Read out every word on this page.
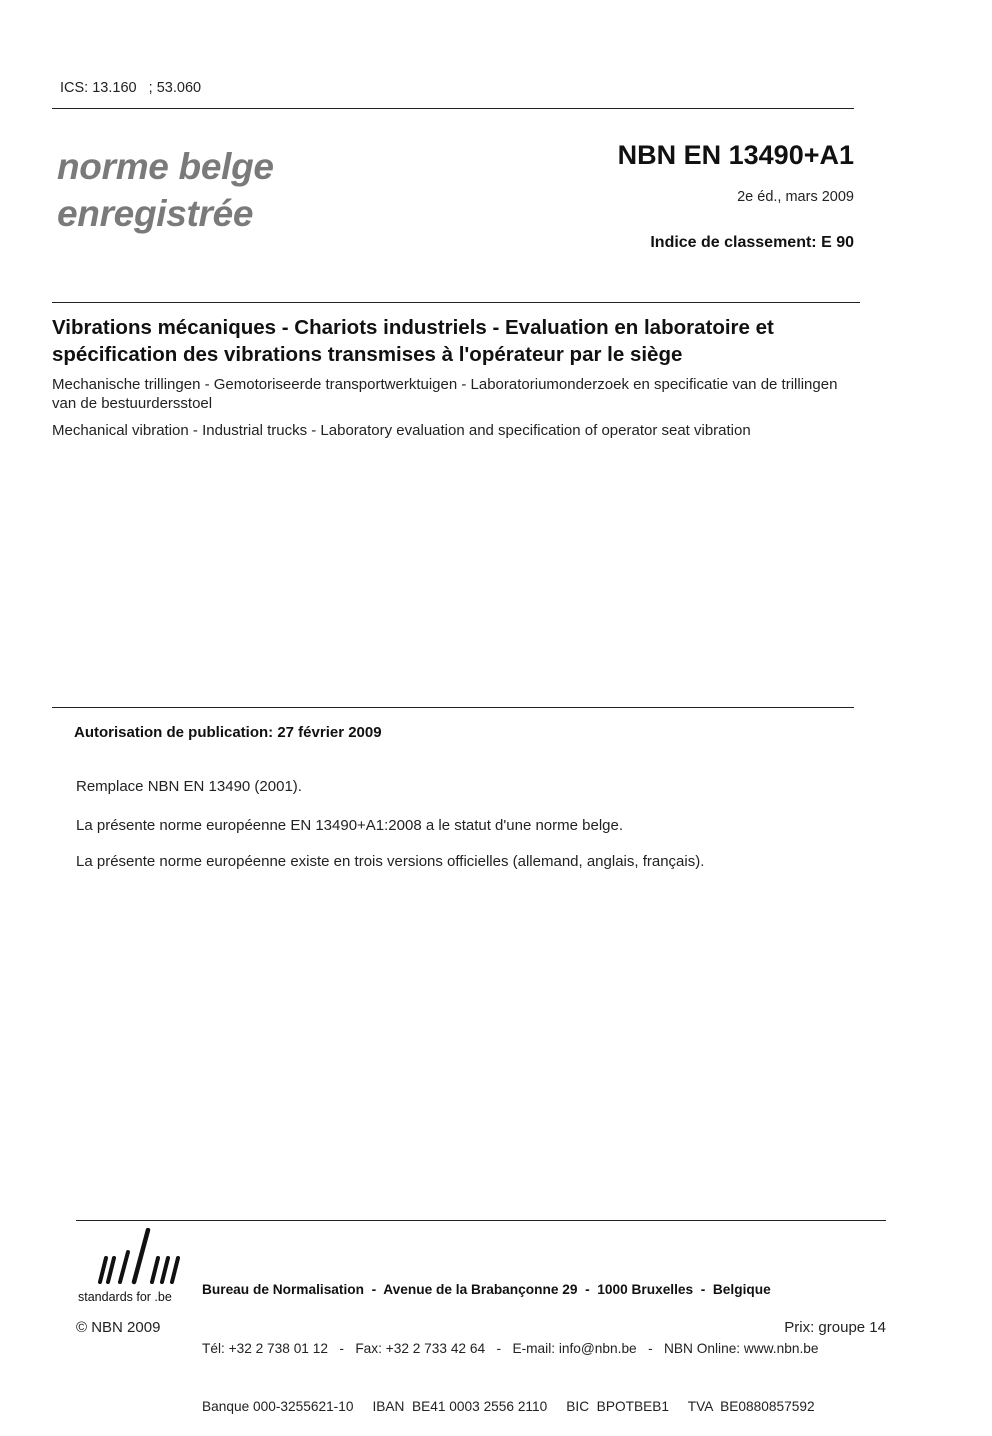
ICS: 13.160   ; 53.060
norme belge
enregistrée
NBN EN 13490+A1
2e éd., mars 2009
Indice de classement: E 90
Vibrations mécaniques - Chariots industriels - Evaluation en laboratoire et spécification des vibrations transmises à l'opérateur par le siège
Mechanische trillingen - Gemotoriseerde transportwerktuigen - Laboratoriumonderzoek en specificatie van de trillingen van de bestuurdersstoel
Mechanical vibration - Industrial trucks - Laboratory evaluation and specification of operator seat vibration
Autorisation de publication: 27 février 2009
Remplace NBN EN 13490 (2001).
La présente norme européenne EN 13490+A1:2008 a le statut d'une norme belge.
La présente norme européenne existe en trois versions officielles (allemand, anglais, français).
standards for .be

Bureau de Normalisation  -  Avenue de la Brabançonne 29  -  1000 Bruxelles  -  Belgique

Tél: +32 2 738 01 12   -   Fax: +32 2 733 42 64   -   E-mail: info@nbn.be   -   NBN Online: www.nbn.be

Banque 000-3255621-10     IBAN  BE41 0003 2556 2110     BIC  BPOTBEB1     TVA  BE0880857592

© NBN 2009	Prix: groupe 14
